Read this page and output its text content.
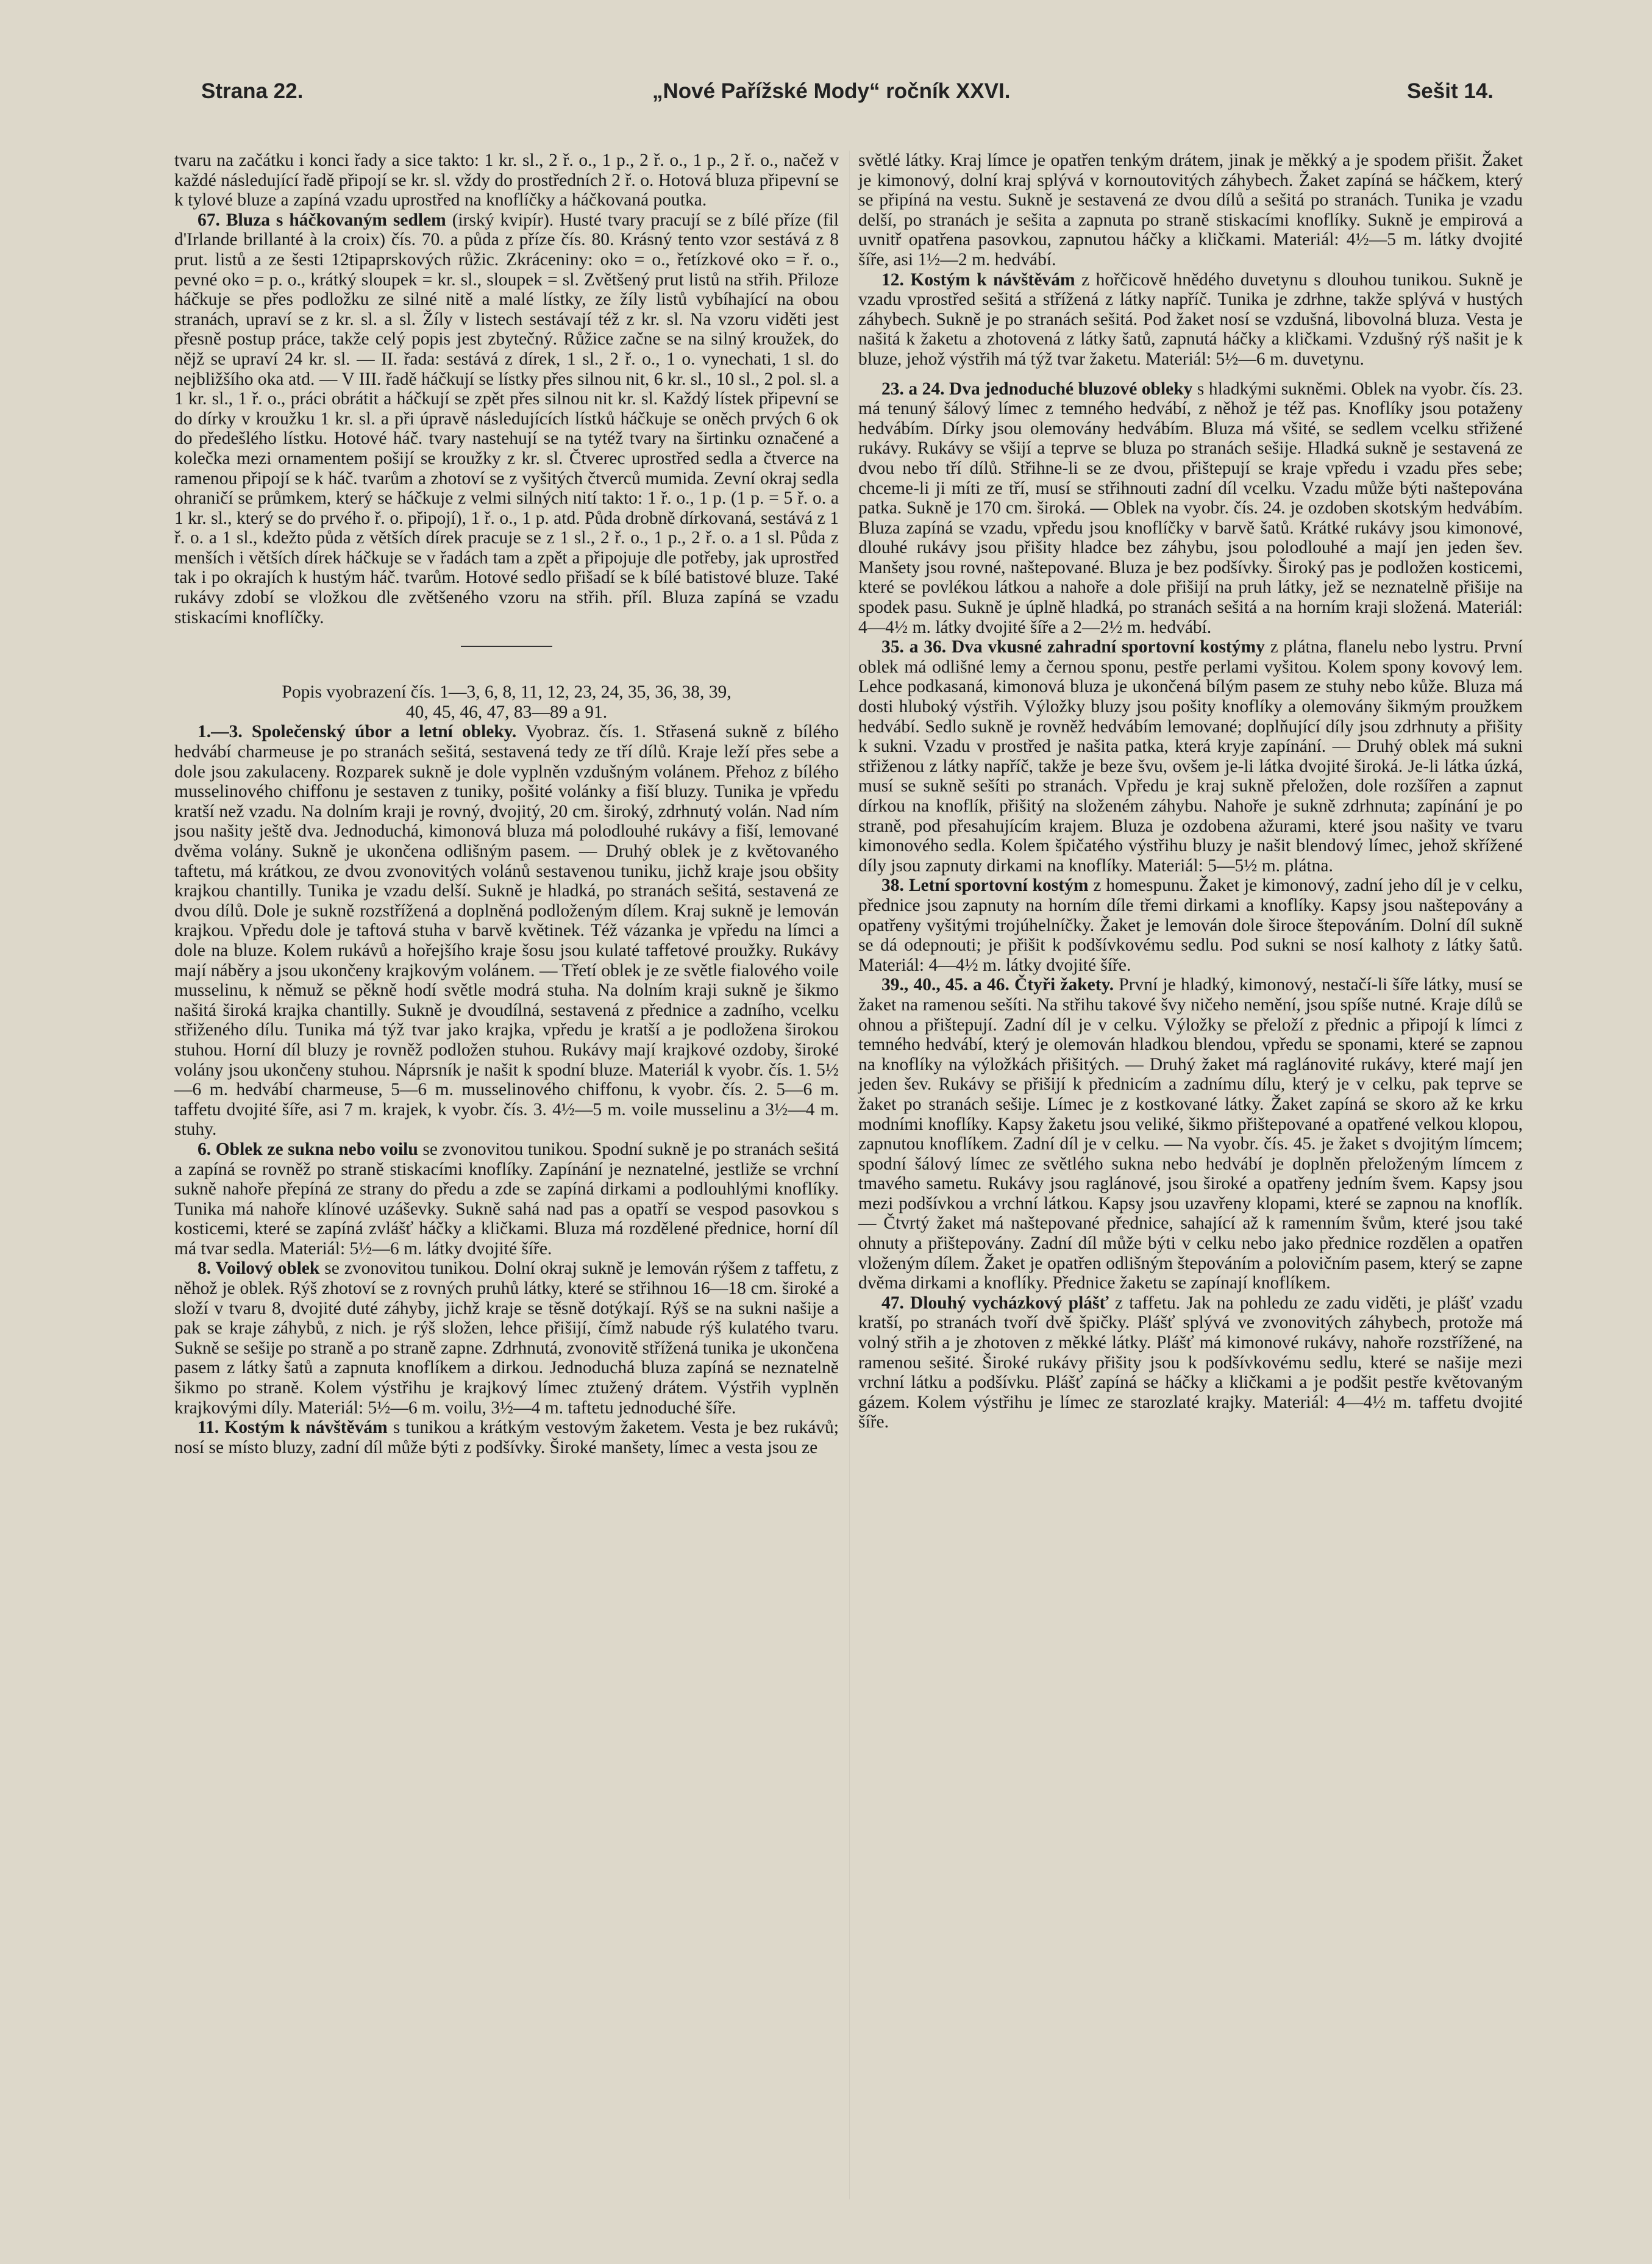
Strana 22.	„Nové Pařížské Mody“ ročník XXVI.	Sešit 14.

tvaru na začátku i konci řady a sice takto: 1 kr. sl., 2 ř. o., 1 p., 2 ř. o., 1 p., 2 ř. o., načež v každé následující řadě připojí se kr. sl. vždy do prostředních 2 ř. o. Hotová bluza připevní se k tylové bluze a zapíná vzadu uprostřed na knoflíčky a háčkovaná poutka.

67. Bluza s háčkovaným sedlem (irský kvipír). Husté tvary pracují se z bílé příze (fil d'Irlande brillanté à la croix) čís. 70. a půda z příze čís. 80. Krásný tento vzor sestává z 8 prut. listů a ze šesti 12tipaprskových růžic. Zkráceniny: oko = o., řetízkové oko = ř. o., pevné oko = p. o., krátký sloupek = kr. sl., sloupek = sl. Zvětšený prut listů na střih. Přiloze háčkuje se přes podložku ze silné nitě a malé lístky, ze žíly listů vybíhající na obou stranách, upraví se z kr. sl. a sl. Žíly v listech sestávají též z kr. sl. Na vzoru viděti jest přesně postup práce, takže celý popis jest zbytečný. Růžice začne se na silný kroužek, do nějž se upraví 24 kr. sl. — II. řada: sestává z dírek, 1 sl., 2 ř. o., 1 o. vynechati, 1 sl. do nejbližšího oka atd. — V III. řadě háčkují se lístky přes silnou nit, 6 kr. sl., 10 sl., 2 pol. sl. a 1 kr. sl., 1 ř. o., práci obrátit a háčkují se zpět přes silnou nit kr. sl. Každý lístek připevní se do dírky v kroužku 1 kr. sl. a při úpravě následujících lístků háčkuje se oněch prvých 6 ok do předešlého lístku. Hotové háč. tvary nastehují se na tytéž tvary na širtinku označené a kolečka mezi ornamentem pošijí se kroužky z kr. sl. Čtverec uprostřed sedla a čtverce na ramenou připojí se k háč. tvarům a zhotoví se z vyšitých čtverců mumida. Zevní okraj sedla ohraničí se průmkem, který se háčkuje z velmi silných nití takto: 1 ř. o., 1 p. (1 p. = 5 ř. o. a 1 kr. sl., který se do prvého ř. o. připojí), 1 ř. o., 1 p. atd. Půda drobně dírkovaná, sestává z 1 ř. o. a 1 sl., kdežto půda z větších dírek pracuje se z 1 sl., 2 ř. o., 1 p., 2 ř. o. a 1 sl. Půda z menších i větších dírek háčkuje se v řadách tam a zpět a připojuje dle potřeby, jak uprostřed tak i po okrajích k hustým háč. tvarům. Hotové sedlo přišadí se k bílé batistové bluze. Také rukávy zdobí se vložkou dle zvětšeného vzoru na střih. příl. Bluza zapíná se vzadu stiskacími knoflíčky.

Popis vyobrazení čís. 1—3, 6, 8, 11, 12, 23, 24, 35, 36, 38, 39,
40, 45, 46, 47, 83—89 a 91.

1.—3. Společenský úbor a letní obleky. Vyobraz. čís. 1. Střasená sukně z bílého hedvábí charmeuse je po stranách sešitá, sestavená tedy ze tří dílů. Kraje leží přes sebe a dole jsou zakulaceny. Rozparek sukně je dole vyplněn vzdušným volánem. Přehoz z bílého musselinového chiffonu je sestaven z tuniky, pošité volánky a fiší bluzy. Tunika je vpředu kratší než vzadu. Na dolním kraji je rovný, dvojitý, 20 cm. široký, zdrhnutý volán. Nad ním jsou našity ještě dva. Jednoduchá, kimonová bluza má polodlouhé rukávy a fiší, lemované dvěma volány. Sukně je ukončena odlišným pasem. — Druhý oblek je z květovaného taftetu, má krátkou, ze dvou zvonovitých volánů sestavenou tuniku, jichž kraje jsou obšity krajkou chantilly. Tunika je vzadu delší. Sukně je hladká, po stranách sešitá, sestavená ze dvou dílů. Dole je sukně rozstřížená a doplněná podloženým dílem. Kraj sukně je lemován krajkou. Vpředu dole je taftová stuha v barvě květinek. Též vázanka je vpředu na límci a dole na bluze. Kolem rukávů a hořejšího kraje šosu jsou kulaté taffetové proužky. Rukávy mají náběry a jsou ukončeny krajkovým volánem. — Třetí oblek je ze světle fialového voile musselinu, k němuž se pěkně hodí světle modrá stuha. Na dolním kraji sukně je šikmo našitá široká krajka chantilly. Sukně je dvoudílná, sestavená z přednice a zadního, vcelku střiženého dílu. Tunika má týž tvar jako krajka, vpředu je kratší a je podložena širokou stuhou. Horní díl bluzy je rovněž podložen stuhou. Rukávy mají krajkové ozdoby, široké volány jsou ukončeny stuhou. Náprsník je našit k spodní bluze. Materiál k vyobr. čís. 1. 5½—6 m. hedvábí charmeuse, 5—6 m. musselinového chiffonu, k vyobr. čís. 2. 5—6 m. taffetu dvojité šíře, asi 7 m. krajek, k vyobr. čís. 3. 4½—5 m. voile musselinu a 3½—4 m. stuhy.

6. Oblek ze sukna nebo voilu se zvonovitou tunikou. Spodní sukně je po stranách sešitá a zapíná se rovněž po straně stiskacími knoflíky. Zapínání je neznatelné, jestliže se vrchní sukně nahoře přepíná ze strany do předu a zde se zapíná dirkami a podlouhlými knoflíky. Tunika má nahoře klínové uzáševky. Sukně sahá nad pas a opatří se vespod pasovkou s kosticemi, které se zapíná zvlášť háčky a kličkami. Bluza má rozdělené přednice, horní díl má tvar sedla. Materiál: 5½—6 m. látky dvojité šíře.

8. Voilový oblek se zvonovitou tunikou. Dolní okraj sukně je lemován rýšem z taffetu, z něhož je oblek. Rýš zhotoví se z rovných pruhů látky, které se střihnou 16—18 cm. široké a složí v tvaru 8, dvojité duté záhyby, jichž kraje se těsně dotýkají. Rýš se na sukni našije a pak se kraje záhybů, z nich. je rýš složen, lehce přišijí, čímž nabude rýš kulatého tvaru. Sukně se sešije po straně a po straně zapne. Zdrhnutá, zvonovitě střížená tunika je ukončena pasem z látky šatů a zapnuta knoflíkem a dirkou. Jednoduchá bluza zapíná se neznatelně šikmo po straně. Kolem výstřihu je krajkový límec ztužený drátem. Výstřih vyplněn krajkovými díly. Materiál: 5½—6 m. voilu, 3½—4 m. taftetu jednoduché šíře.

11. Kostým k návštěvám s tunikou a krátkým vestovým žaketem. Vesta je bez rukávů; nosí se místo bluzy, zadní díl může býti z podšívky. Široké manšety, límec a vesta jsou ze

světlé látky. Kraj límce je opatřen tenkým drátem, jinak je měkký a je spodem přišit. Žaket je kimonový, dolní kraj splývá v kornoutovitých záhybech. Žaket zapíná se háčkem, který se připíná na vestu. Sukně je sestavená ze dvou dílů a sešitá po stranách. Tunika je vzadu delší, po stranách je sešita a zapnuta po straně stiskacími knoflíky. Sukně je empirová a uvnitř opatřena pasovkou, zapnutou háčky a kličkami. Materiál: 4½—5 m. látky dvojité šíře, asi 1½—2 m. hedvábí.

12. Kostým k návštěvám z hořčicově hnědého duvetynu s dlouhou tunikou. Sukně je vzadu vprostřed sešitá a střížená z látky napříč. Tunika je zdrhne, takže splývá v hustých záhybech. Sukně je po stranách sešitá. Pod žaket nosí se vzdušná, libovolná bluza. Vesta je našitá k žaketu a zhotovená z látky šatů, zapnutá háčky a kličkami. Vzdušný rýš našit je k bluze, jehož výstřih má týž tvar žaketu. Materiál: 5½—6 m. duvetynu.

23. a 24. Dva jednoduché bluzové obleky s hladkými sukněmi. Oblek na vyobr. čís. 23. má tenuný šálový límec z temného hedvábí, z něhož je též pas. Knoflíky jsou potaženy hedvábím. Dírky jsou olemovány hedvábím. Bluza má všité, se sedlem vcelku střižené rukávy. Rukávy se všijí a teprve se bluza po stranách sešije. Hladká sukně je sestavená ze dvou nebo tří dílů. Střihne-li se ze dvou, přištepují se kraje vpředu i vzadu přes sebe; chceme-li ji míti ze tří, musí se střihnouti zadní díl vcelku. Vzadu může býti naštepována patka. Sukně je 170 cm. široká. — Oblek na vyobr. čís. 24. je ozdoben skotským hedvábím. Bluza zapíná se vzadu, vpředu jsou knoflíčky v barvě šatů. Krátké rukávy jsou kimonové, dlouhé rukávy jsou přišity hladce bez záhybu, jsou polodlouhé a mají jen jeden šev. Manšety jsou rovné, naštepované. Bluza je bez podšívky. Široký pas je podložen kosticemi, které se povlékou látkou a nahoře a dole přišijí na pruh látky, jež se neznatelně přišije na spodek pasu. Sukně je úplně hladká, po stranách sešitá a na horním kraji složená. Materiál: 4—4½ m. látky dvojité šíře a 2—2½ m. hedvábí.

35. a 36. Dva vkusné zahradní sportovní kostýmy z plátna, flanelu nebo lystru. První oblek má odlišné lemy a černou sponu, pestře perlami vyšitou. Kolem spony kovový lem. Lehce podkasaná, kimonová bluza je ukončená bílým pasem ze stuhy nebo kůže. Bluza má dosti hluboký výstřih. Výložky bluzy jsou pošity knoflíky a olemovány šikmým proužkem hedvábí. Sedlo sukně je rovněž hedvábím lemované; doplňující díly jsou zdrhnuty a přišity k sukni. Vzadu v prostřed je našita patka, která kryje zapínání. — Druhý oblek má sukni střiženou z látky napříč, takže je beze švu, ovšem je-li látka dvojité široká. Je-li látka úzká, musí se sukně sešíti po stranách. Vpředu je kraj sukně přeložen, dole rozšířen a zapnut dírkou na knoflík, přišitý na složeném záhybu. Nahoře je sukně zdrhnuta; zapínání je po straně, pod přesahujícím krajem. Bluza je ozdobena ažurami, které jsou našity ve tvaru kimonového sedla. Kolem špičatého výstřihu bluzy je našit blendový límec, jehož skřížené díly jsou zapnuty dirkami na knoflíky. Materiál: 5—5½ m. plátna.

38. Letní sportovní kostým z homespunu. Žaket je kimonový, zadní jeho díl je v celku, přednice jsou zapnuty na horním díle třemi dirkami a knoflíky. Kapsy jsou naštepovány a opatřeny vyšitými trojúhelníčky. Žaket je lemován dole široce štepováním. Dolní díl sukně se dá odepnouti; je přišit k podšívkovému sedlu. Pod sukni se nosí kalhoty z látky šatů. Materiál: 4—4½ m. látky dvojité šíře.

39., 40., 45. a 46. Čtyři žakety. První je hladký, kimonový, nestačí-li šíře látky, musí se žaket na ramenou sešíti. Na střihu takové švy ničeho nemění, jsou spíše nutné. Kraje dílů se ohnou a přištepují. Zadní díl je v celku. Výložky se přeloží z přednic a připojí k límci z temného hedvábí, který je olemován hladkou blendou, vpředu se sponami, které se zapnou na knoflíky na výložkách přišitých. — Druhý žaket má raglánovité rukávy, které mají jen jeden šev. Rukávy se přišijí k přednicím a zadnímu dílu, který je v celku, pak teprve se žaket po stranách sešije. Límec je z kostkované látky. Žaket zapíná se skoro až ke krku modními knoflíky. Kapsy žaketu jsou veliké, šikmo přištepované a opatřené velkou klopou, zapnutou knoflíkem. Zadní díl je v celku. — Na vyobr. čís. 45. je žaket s dvojitým límcem; spodní šálový límec ze světlého sukna nebo hedvábí je doplněn přeloženým límcem z tmavého sametu. Rukávy jsou raglánové, jsou široké a opatřeny jedním švem. Kapsy jsou mezi podšívkou a vrchní látkou. Kapsy jsou uzavřeny klopami, které se zapnou na knoflík. — Čtvrtý žaket má naštepované přednice, sahající až k ramenním švům, které jsou také ohnuty a přištepovány. Zadní díl může býti v celku nebo jako přednice rozdělen a opatřen vloženým dílem. Žaket je opatřen odlišným štepováním a polovičním pasem, který se zapne dvěma dirkami a knoflíky. Přednice žaketu se zapínají knoflíkem.

47. Dlouhý vycházkový plášť z taffetu. Jak na pohledu ze zadu viděti, je plášť vzadu kratší, po stranách tvoří dvě špičky. Plášť splývá ve zvonovitých záhybech, protože má volný střih a je zhotoven z měkké látky. Plášť má kimonové rukávy, nahoře rozstřížené, na ramenou sešité. Široké rukávy přišity jsou k podšívkovému sedlu, které se našije mezi vrchní látku a podšívku. Plášť zapíná se háčky a kličkami a je podšit pestře květovaným gázem. Kolem výstřihu je límec ze starozlaté krajky. Materiál: 4—4½ m. taffetu dvojité šíře.
